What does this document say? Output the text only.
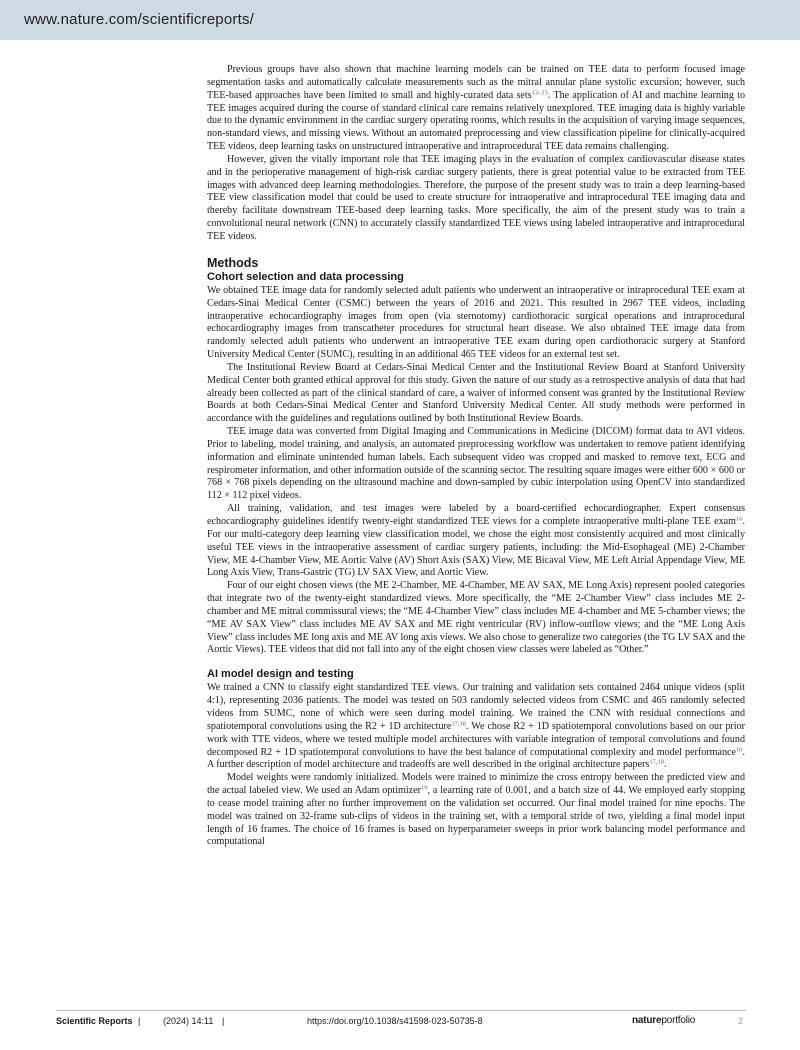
www.nature.com/scientificreports/

Previous groups have also shown that machine learning models can be trained on TEE data to perform focused image segmentation tasks and automatically calculate measurements such as the mitral annular plane systolic excursion; however, such TEE-based approaches have been limited to small and highly-curated data sets$^{13-15}$. The application of AI and machine learning to TEE images acquired during the course of standard clinical care remains relatively unexplored. TEE imaging data is highly variable due to the dynamic environment in the cardiac surgery operating rooms, which results in the acquisition of varying image sequences, non-standard views, and missing views. Without an automated preprocessing and view classification pipeline for clinically-acquired TEE videos, deep learning tasks on unstructured intraoperative and intraprocedural TEE data remains challenging.

However, given the vitally important role that TEE imaging plays in the evaluation of complex cardiovascular disease states and in the perioperative management of high-risk cardiac surgery patients, there is great potential value to be extracted from TEE images with advanced deep learning methodologies. Therefore, the purpose of the present study was to train a deep learning-based TEE view classification model that could be used to create structure for intraoperative and intraprocedural TEE imaging data and thereby facilitate downstream TEE-based deep learning tasks. More specifically, the aim of the present study was to train a convolutional neural network (CNN) to accurately classify standardized TEE views using labeled intraoperative and intraprocedural TEE videos.

Methods
Cohort selection and data processing

We obtained TEE image data for randomly selected adult patients who underwent an intraoperative or intraprocedural TEE exam at Cedars-Sinai Medical Center (CSMC) between the years of 2016 and 2021. This resulted in 2967 TEE videos, including intraoperative echocardiography images from open (via sternotomy) cardiothoracic surgical operations and intraprocedural echocardiography images from transcatheter procedures for structural heart disease. We also obtained TEE image data from randomly selected adult patients who underwent an intraoperative TEE exam during open cardiothoracic surgery at Stanford University Medical Center (SUMC), resulting in an additional 465 TEE videos for an external test set.

The Institutional Review Board at Cedars-Sinai Medical Center and the Institutional Review Board at Stanford University Medical Center both granted ethical approval for this study. Given the nature of our study as a retrospective analysis of data that had already been collected as part of the clinical standard of care, a waiver of informed consent was granted by the Institutional Review Boards at both Cedars-Sinai Medical Center and Stanford University Medical Center. All study methods were performed in accordance with the guidelines and regulations outlined by both Institutional Review Boards.

TEE image data was converted from Digital Imaging and Communications in Medicine (DICOM) format data to AVI videos. Prior to labeling, model training, and analysis, an automated preprocessing workflow was undertaken to remove patient identifying information and eliminate unintended human labels. Each subsequent video was cropped and masked to remove text, ECG and respirometer information, and other information outside of the scanning sector. The resulting square images were either 600 × 600 or 768 × 768 pixels depending on the ultrasound machine and down-sampled by cubic interpolation using OpenCV into standardized 112 × 112 pixel videos.

All training, validation, and test images were labeled by a board-certified echocardiographer. Expert consensus echocardiography guidelines identify twenty-eight standardized TEE views for a complete intraoperative multi-plane TEE exam$^{16}$. For our multi-category deep learning view classification model, we chose the eight most consistently acquired and most clinically useful TEE views in the intraoperative assessment of cardiac surgery patients, including: the Mid-Esophageal (ME) 2-Chamber View, ME 4-Chamber View, ME Aortic Valve (AV) Short Axis (SAX) View, ME Bicaval View, ME Left Atrial Appendage View, ME Long Axis View, Trans-Gastric (TG) LV SAX View, and Aortic View.

Four of our eight chosen views (the ME 2-Chamber, ME 4-Chamber, ME AV SAX, ME Long Axis) represent pooled categories that integrate two of the twenty-eight standardized views. More specifically, the “ME 2-Chamber View” class includes ME 2-chamber and ME mitral commissural views; the “ME 4-Chamber View” class includes ME 4-chamber and ME 5-chamber views; the “ME AV SAX View” class includes ME AV SAX and ME right ventricular (RV) inflow-outflow views; and the “ME Long Axis View” class includes ME long axis and ME AV long axis views. We also chose to generalize two categories (the TG LV SAX and the Aortic Views). TEE videos that did not fall into any of the eight chosen view classes were labeled as “Other.”

AI model design and testing

We trained a CNN to classify eight standardized TEE views. Our training and validation sets contained 2464 unique videos (split 4:1), representing 2036 patients. The model was tested on 503 randomly selected videos from CSMC and 465 randomly selected videos from SUMC, none of which were seen during model training. We trained the CNN with residual connections and spatiotemporal convolutions using the R2 + 1D architecture$^{17,18}$. We chose R2 + 1D spatiotemporal convolutions based on our prior work with TTE videos, where we tested multiple model architectures with variable integration of temporal convolutions and found decomposed R2 + 1D spatiotemporal convolutions to have the best balance of computational complexity and model performance$^{10}$. A further description of model architecture and tradeoffs are well described in the original architecture papers$^{17,18}$.

Model weights were randomly initialized. Models were trained to minimize the cross entropy between the predicted view and the actual labeled view. We used an Adam optimizer$^{19}$, a learning rate of 0.001, and a batch size of 44. We employed early stopping to cease model training after no further improvement on the validation set occurred. Our final model trained for nine epochs. The model was trained on 32-frame sub-clips of videos in the training set, with a temporal stride of two, yielding a final model input length of 16 frames. The choice of 16 frames is based on hyperparameter sweeps in prior work balancing model performance and computational

Scientific Reports |	(2024) 14:11 |	https://doi.org/10.1038/s41598-023-50735-8	natureportfolio	2
